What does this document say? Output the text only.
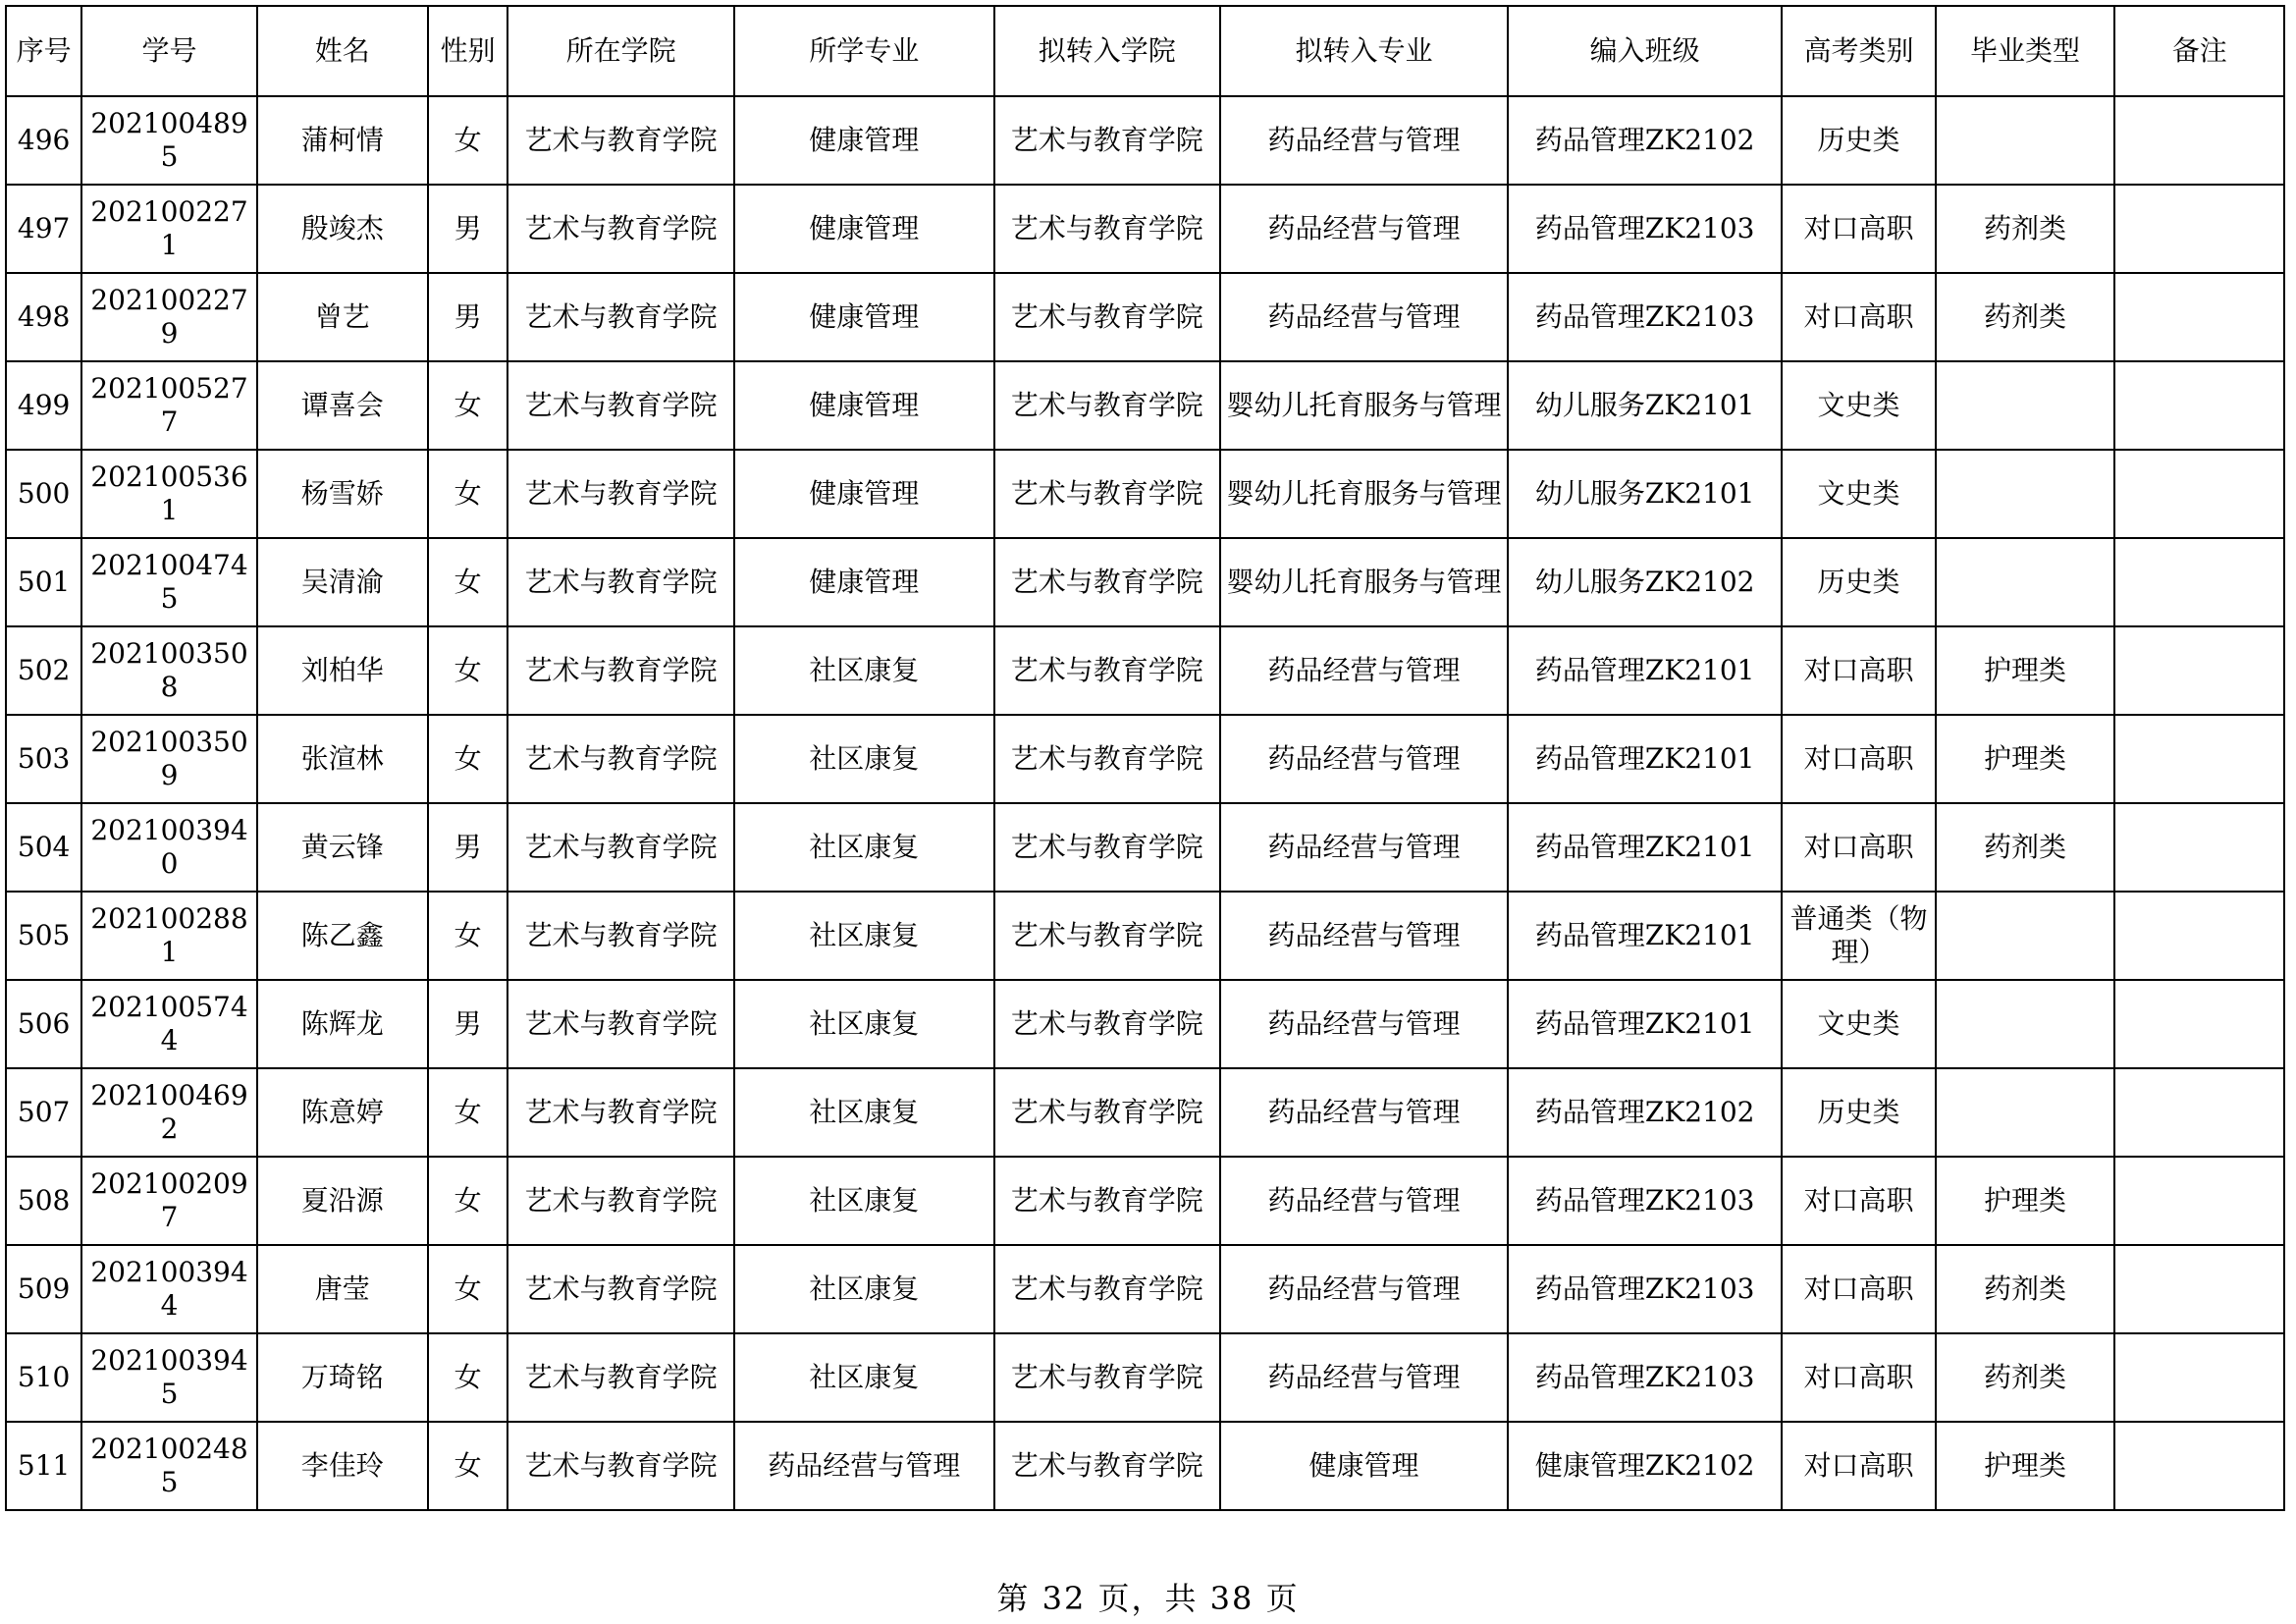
序号	学号	姓名	性别	所在学院	所学专业	拟转入学院	拟转入专业	编入班级	高考类别	毕业类型	备注
496	2021004895	蒲柯情	女	艺术与教育学院	健康管理	艺术与教育学院	药品经营与管理	药品管理ZK2102	历史类		
497	2021002271	殷竣杰	男	艺术与教育学院	健康管理	艺术与教育学院	药品经营与管理	药品管理ZK2103	对口高职	药剂类	
498	2021002279	曾艺	男	艺术与教育学院	健康管理	艺术与教育学院	药品经营与管理	药品管理ZK2103	对口高职	药剂类	
499	2021005277	谭喜会	女	艺术与教育学院	健康管理	艺术与教育学院	婴幼儿托育服务与管理	幼儿服务ZK2101	文史类		
500	2021005361	杨雪娇	女	艺术与教育学院	健康管理	艺术与教育学院	婴幼儿托育服务与管理	幼儿服务ZK2101	文史类		
501	2021004745	吴清渝	女	艺术与教育学院	健康管理	艺术与教育学院	婴幼儿托育服务与管理	幼儿服务ZK2102	历史类		
502	2021003508	刘柏华	女	艺术与教育学院	社区康复	艺术与教育学院	药品经营与管理	药品管理ZK2101	对口高职	护理类	
503	2021003509	张渲林	女	艺术与教育学院	社区康复	艺术与教育学院	药品经营与管理	药品管理ZK2101	对口高职	护理类	
504	2021003940	黄云锋	男	艺术与教育学院	社区康复	艺术与教育学院	药品经营与管理	药品管理ZK2101	对口高职	药剂类	
505	2021002881	陈乙鑫	女	艺术与教育学院	社区康复	艺术与教育学院	药品经营与管理	药品管理ZK2101	普通类（物理）		
506	2021005744	陈辉龙	男	艺术与教育学院	社区康复	艺术与教育学院	药品经营与管理	药品管理ZK2101	文史类		
507	2021004692	陈意婷	女	艺术与教育学院	社区康复	艺术与教育学院	药品经营与管理	药品管理ZK2102	历史类		
508	2021002097	夏沿源	女	艺术与教育学院	社区康复	艺术与教育学院	药品经营与管理	药品管理ZK2103	对口高职	护理类	
509	2021003944	唐莹	女	艺术与教育学院	社区康复	艺术与教育学院	药品经营与管理	药品管理ZK2103	对口高职	药剂类	
510	2021003945	万琦铭	女	艺术与教育学院	社区康复	艺术与教育学院	药品经营与管理	药品管理ZK2103	对口高职	药剂类	
511	2021002485	李佳玲	女	艺术与教育学院	药品经营与管理	艺术与教育学院	健康管理	健康管理ZK2102	对口高职	护理类	
第 32 页，共 38 页
